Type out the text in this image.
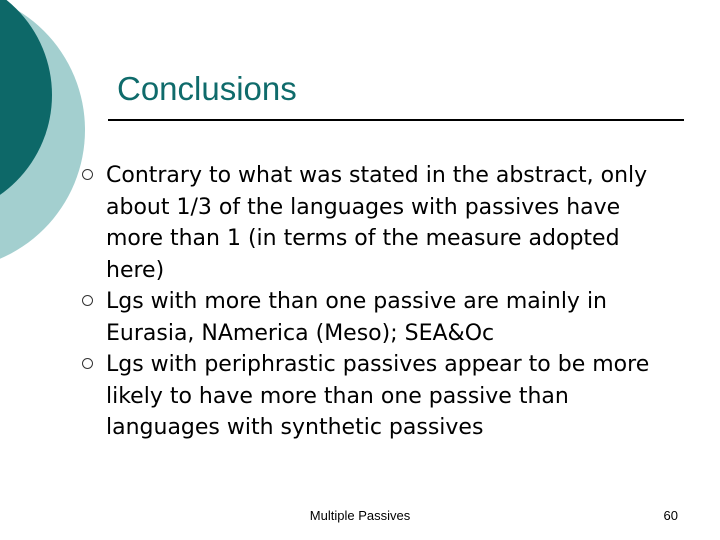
Conclusions
Contrary to what was stated in the abstract, only about 1/3 of the languages with passives have more than 1 (in terms of the measure adopted here)
Lgs with more than one passive are mainly in Eurasia, NAmerica (Meso); SEA&Oc
Lgs with periphrastic passives appear to be more likely to have more than one passive than languages with synthetic passives
Multiple Passives	60
